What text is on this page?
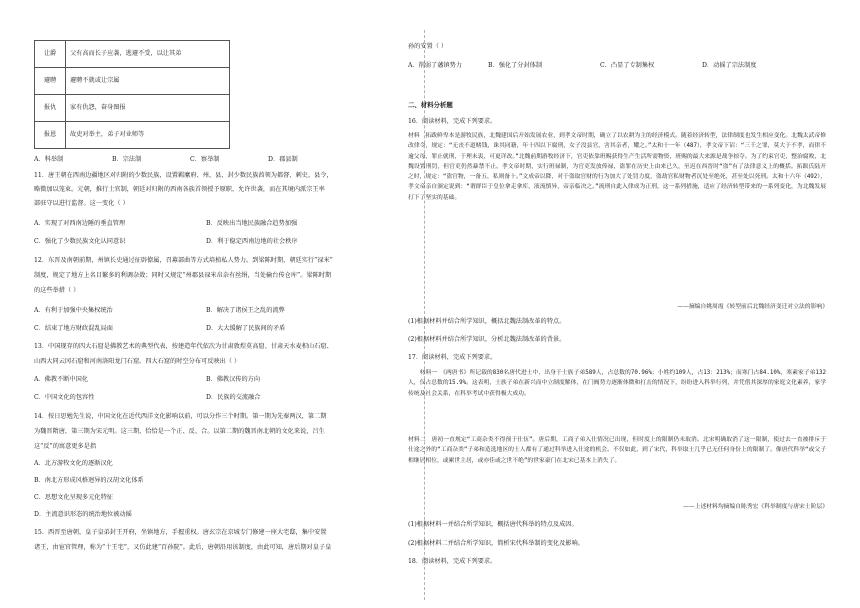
让爵	父有高而长子应袭，逃避不受，以让其弟
避聘	避聘不就或让宗属
报仇	家有仇怨，奋身图报
报恩	故吏对举主，弟子对业师等
A．科举制	B．宗法制	C．察举制	D．郡县制
11．唐王朝在西南边疆地区对归附的少数民族，设置羁縻府、州、县，封少数民族酋领为都督、刺史、县令，
略微加以笼束。元朝，推行土官制，朝廷对归附的西南各族首领授予原职，允许世袭，而在其境内派宗王率
部驻守以进行监督。这一变化（ ）
A．实现了对西南边陲的垂直管理	B．反映出当地民族融合趋势加强
C．强化了少数民族文化认同意识	D．利于稳定西南边地的社会秩序
12．东晋及南朝前期，州镇长史通过征辟僚属，召募部曲等方式培植私人势力。到梁陈时期，朝廷实行“禄米”
制度，规定了地方上名目繁多的利调杂敛；同时又规定“州郡县禄米帛杂有丝绢，当处输台传仓库”。梁陈时期
的这些举措（ ）
A．有利于加强中央集权统治	B．解决了诸侯王之乱的流弊
C．结束了地方财政混乱局面	D．大大缓解了民族间的矛盾
13．中国现存的四大石窟是佛教艺术的典型代表，按建造年代依次为甘肃敦煌莫高窟、甘肃天水麦积山石窟、
山西大同云冈石窟和河南洛阳龙门石窟。四大石窟的时空分布可反映出（ ）
A．佛教不断中国化	B．佛教汉传的方向
C．中国文化的包容性	D．民族的交流融合
14．按日思勉先生说，中国文化在近代西洋文化影响以前，可以分作三个时期。第一期为先秦两汉，第二期
为魏晋隋唐，第三期为宋元明。这三期，恰恰是一个正、反、合。以第二期的魏晋南北朝的文化来说，吕生
这“反”的寓意更多是指
A．北方游牧文化的逐渐汉化
B．南北方形成风格迥异的汉胡文化体系
C．思想文化呈现多元化特征
D．主流意识形态的统治地位被动摇
15．西晋至唐朝，皇子皇弟封王开府，坐镇地方，手握重权。唐玄宗在京城专门修建一座大宅邸，集中安置
诸王，由宦官管理，称为“十王宅”，又仿此建“百孙院”。此后，唐朝沿用该制度，由此可知，唐后期对皇子皇
孙的安置（ ）
A．削弱了藩镇势力	B．强化了分封体制	C．凸显了专制集权	D．动摇了宗法制度
二、材料分析题
16．阅读材料，完成下列要求。
材料　拓跋鲜卑本是游牧民族，北魏建国后开始发展农业，到孝文帝时期，确立了以农耕为主的经济模式。随着经济转型，法律制度也发生相应变化。北魏太武帝修改律令，规定：“无丧不道赌钱，诛其同籍，年十四以下腐刑，女子没县官，害其亲者，耀之。”太和十一年（487），孝文帝下诏：“三千之罪，莫大于不孝，而律不逾父母，罪止就刑，于理未衷，可更详改。”北魏前期游牧经济下，官吏依靠班赐获得生产生活所需物资，班赐的最大来源是战争掠夺。为了约束官吏，整治腐败，北魏设置刑罚，但官吏仍然暴禁不止。孝文帝时期，实行班禄制，为官吏发放俸禄，盗罪在历史上由来已久，至迟在西晋时“盗”有了法律意义上的概括。拓跋氏陆开之时，规定：“盗官物，一备五，私则备十。”文成帝以降，对于盗取官财的行为加大了处罚力度，盗劫官私财物者沉处至绝死，甚至处以死刑。太和十六年（492），孝文帝亲自颁定说到：“谓群臣于皇位拿走拿库，液流慎异，帝亲临决之。”流刑自此入律成为正刑，这一系列措施，适应了经济转型带来的一系列变化，为北魏发展打下了坚实的基础。
——摘编自姚周霞《转型前后北魏经济变迁对立法的影响》
(1)根据材料并结合所学知识，概括北魏法制改革的特点。
(2)根据材料并结合所学知识，分析北魏法制改革的背景。
17．阅读材料，完成下列要求。
材料一　《两唐书》所记载的830名唐代进士中，出身于士族子弟589人，占总数的70.96%；小姓约109人，占13：213%；而寒门占84.10%，寒素家子弟132人，仅占总数的15.9%。这表明，士族子弟在新兴而中立制度解体，在门阀势力逐渐体微和打击的情况下，纷纷进入科举行列，并凭借其深厚的家庭文化素养，家学传统及社会关系，在科举考试中获得极大成功。
材料二　唐初一直规定“工商杂类不得预于仕伍”。唐后期，工商子弟入仕情况已出现，但时度上的限制仍未取消。北宋明确取消了这一限制，使过去一直被排斥于仕途之外的“工商杂类”子弟和造选地区的士人都有了通过科举进入仕途的机会。不仅如此，到了宋代，科举取士几乎已无任何身份上的限制了。像唐代科举“或父子相继居相位，或累世主居，或亦佳或之世不绝”的世家豪门在北宋已基本上消失了。
——上述材料均摘编自陈秀宏《科举制度与唐宋士阶层》
(1)根据材料一并结合所学知识，概括唐代科举的特点及成因。
(2)根据材料二并结合所学知识，简析宋代科举制的变化及影响。
18．阅读材料，完成下列要求。
